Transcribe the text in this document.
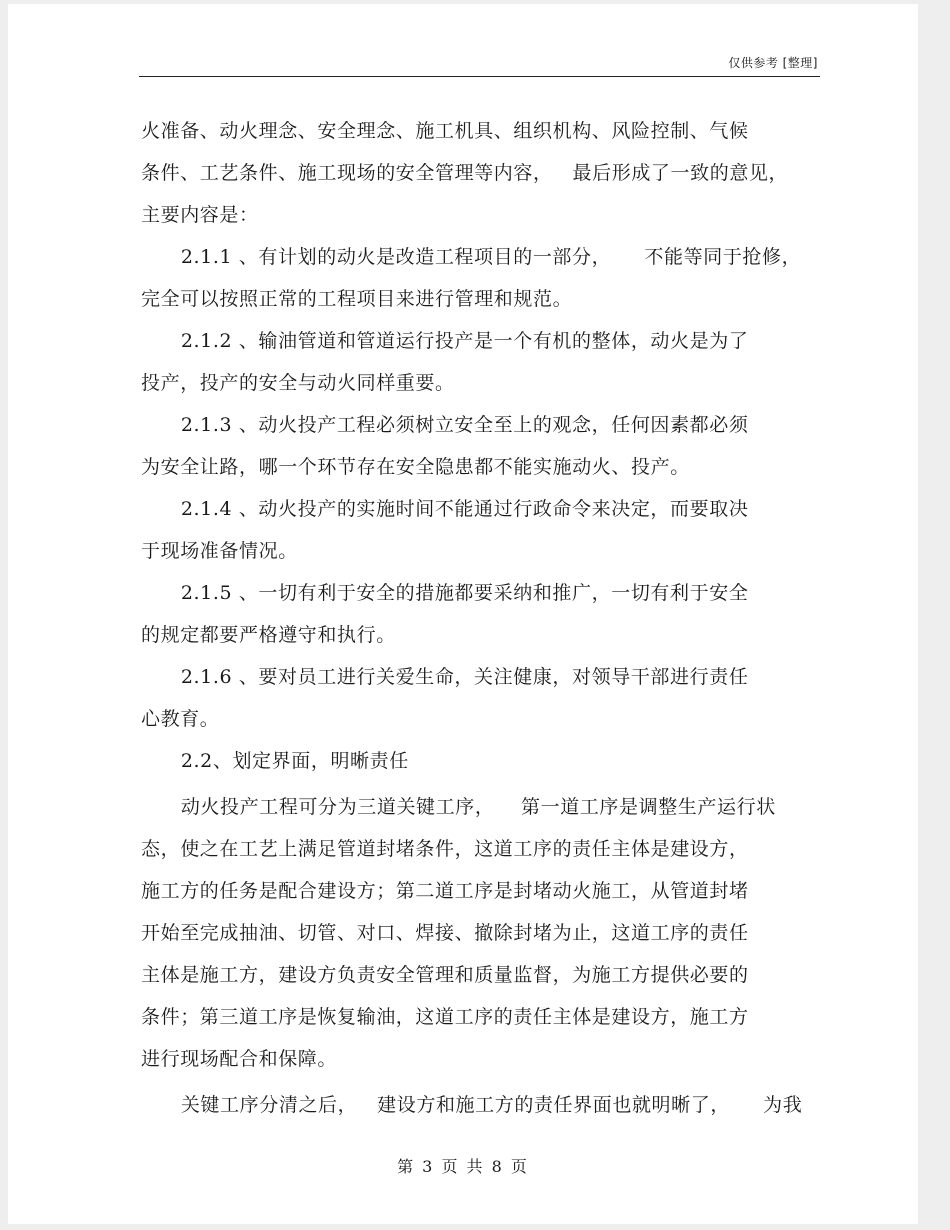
仅供参考 [整理]
火准备、动火理念、安全理念、施工机具、组织机构、风险控制、气候
条件、工艺条件、施工现场的安全管理等内容，   最后形成了一致的意见，
主要内容是：
2.1.1 、有计划的动火是改造工程项目的一部分，     不能等同于抢修，
完全可以按照正常的工程项目来进行管理和规范。
2.1.2 、输油管道和管道运行投产是一个有机的整体，动火是为了
投产，投产的安全与动火同样重要。
2.1.3 、动火投产工程必须树立安全至上的观念，任何因素都必须
为安全让路，哪一个环节存在安全隐患都不能实施动火、投产。
2.1.4 、动火投产的实施时间不能通过行政命令来决定，而要取决
于现场准备情况。
2.1.5 、一切有利于安全的措施都要采纳和推广，一切有利于安全
的规定都要严格遵守和执行。
2.1.6 、要对员工进行关爱生命，关注健康，对领导干部进行责任
心教育。
2.2、划定界面，明晰责任
动火投产工程可分为三道关键工序，    第一道工序是调整生产运行状
态，使之在工艺上满足管道封堵条件，这道工序的责任主体是建设方，
施工方的任务是配合建设方；第二道工序是封堵动火施工，从管道封堵
开始至完成抽油、切管、对口、焊接、撤除封堵为止，这道工序的责任
主体是施工方，建设方负责安全管理和质量监督，为施工方提供必要的
条件；第三道工序是恢复输油，这道工序的责任主体是建设方，施工方
进行现场配合和保障。
关键工序分清之后，   建设方和施工方的责任界面也就明晰了，     为我
第 3 页 共 8 页
